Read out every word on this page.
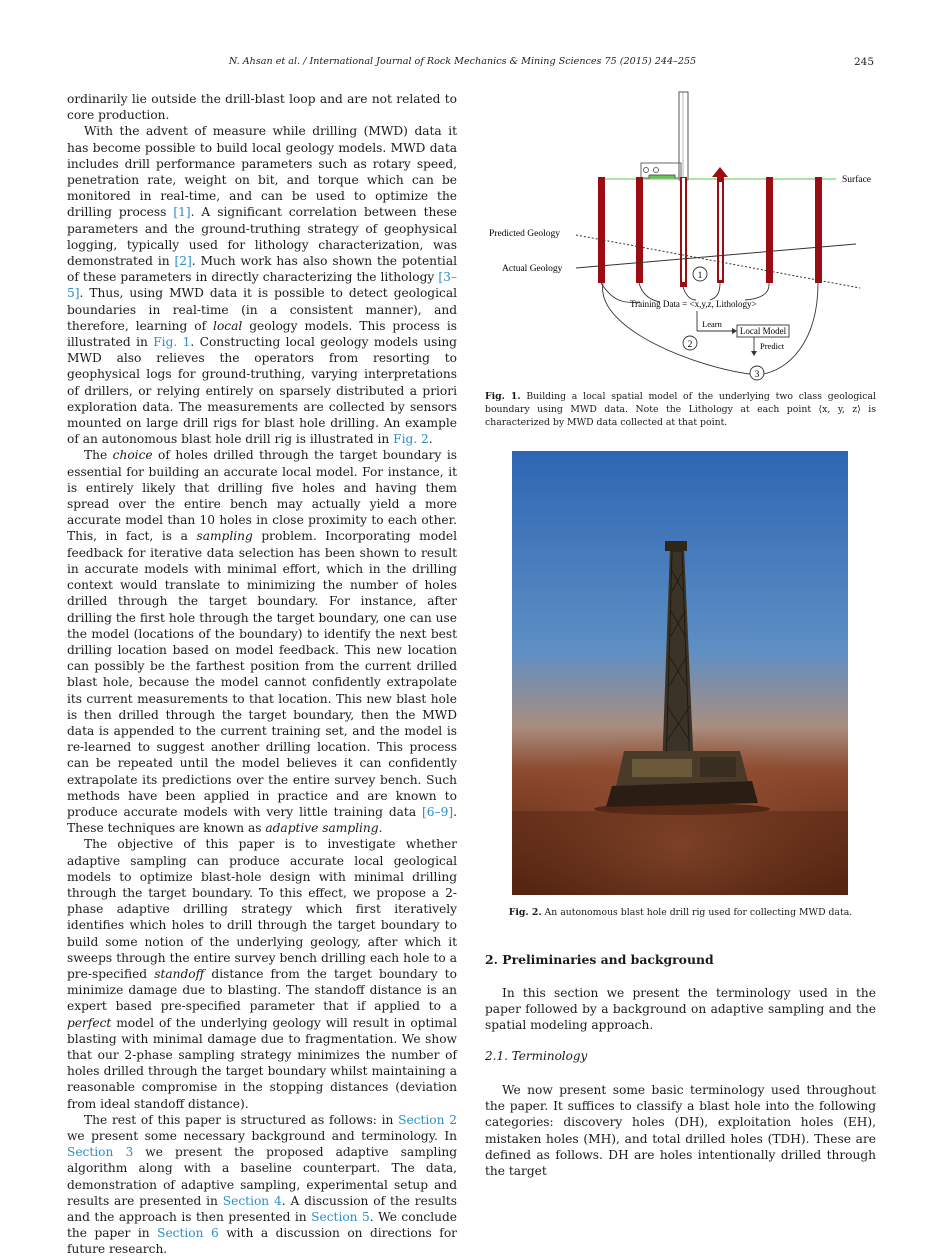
N. Ahsan et al. / International Journal of Rock Mechanics & Mining Sciences 75 (2015) 244–255	245

ordinarily lie outside the drill-blast loop and are not related to core production.

With the advent of measure while drilling (MWD) data it has become possible to build local geology models. MWD data includes drill performance parameters such as rotary speed, penetration rate, weight on bit, and torque which can be monitored in real-time, and can be used to optimize the drilling process [1]. A significant correlation between these parameters and the ground-truthing strategy of geophysical logging, typically used for lithology characterization, was demonstrated in [2]. Much work has also shown the potential of these parameters in directly characterizing the lithology [3–5]. Thus, using MWD data it is possible to detect geological boundaries in real-time (in a consistent manner), and therefore, learning of local geology models. This process is illustrated in Fig. 1. Constructing local geology models using MWD also relieves the operators from resorting to geophysical logs for ground-truthing, varying interpretations of drillers, or relying entirely on sparsely distributed a priori exploration data. The measurements are collected by sensors mounted on large drill rigs for blast hole drilling. An example of an autonomous blast hole drill rig is illustrated in Fig. 2.

The choice of holes drilled through the target boundary is essential for building an accurate local model. For instance, it is entirely likely that drilling five holes and having them spread over the entire bench may actually yield a more accurate model than 10 holes in close proximity to each other. This, in fact, is a sampling problem. Incorporating model feedback for iterative data selection has been shown to result in accurate models with minimal effort, which in the drilling context would translate to minimizing the number of holes drilled through the target boundary. For instance, after drilling the first hole through the target boundary, one can use the model (locations of the boundary) to identify the next best drilling location based on model feedback. This new location can possibly be the farthest position from the current drilled blast hole, because the model cannot confidently extrapolate its current measurements to that location. This new blast hole is then drilled through the target boundary, then the MWD data is appended to the current training set, and the model is re-learned to suggest another drilling location. This process can be repeated until the model believes it can confidently extrapolate its predictions over the entire survey bench. Such methods have been applied in practice and are known to produce accurate models with very little training data [6–9]. These techniques are known as adaptive sampling.

The objective of this paper is to investigate whether adaptive sampling can produce accurate local geological models to optimize blast-hole design with minimal drilling through the target boundary. To this effect, we propose a 2-phase adaptive drilling strategy which first iteratively identifies which holes to drill through the target boundary to build some notion of the underlying geology, after which it sweeps through the entire survey bench drilling each hole to a pre-specified standoff distance from the target boundary to minimize damage due to blasting. The standoff distance is an expert based pre-specified parameter that if applied to a perfect model of the underlying geology will result in optimal blasting with minimal damage due to fragmentation. We show that our 2-phase sampling strategy minimizes the number of holes drilled through the target boundary whilst maintaining a reasonable compromise in the stopping distances (deviation from ideal standoff distance).

The rest of this paper is structured as follows: in Section 2 we present some necessary background and terminology. In Section 3 we present the proposed adaptive sampling algorithm along with a baseline counterpart. The data, demonstration of adaptive sampling, experimental setup and results are presented in Section 4. A discussion of the results and the approach is then presented in Section 5. We conclude the paper in Section 6 with a discussion on directions for future research.

Surface
Predicted Geology
Actual Geology
1
Training Data = <x,y,z, Lithology>
Learn
Local Model
Predict
2
3
Fig. 1. Building a local spatial model of the underlying two class geological boundary using MWD data. Note the Lithology at each point ⟨x, y, z⟩ is characterized by MWD data collected at that point.
Fig. 2. An autonomous blast hole drill rig used for collecting MWD data.
2. Preliminaries and background

In this section we present the terminology used in the paper followed by a background on adaptive sampling and the spatial modeling approach.

2.1. Terminology

We now present some basic terminology used throughout the paper. It suffices to classify a blast hole into the following categories: discovery holes (DH), exploitation holes (EH), mistaken holes (MH), and total drilled holes (TDH). These are defined as follows. DH are holes intentionally drilled through the target
